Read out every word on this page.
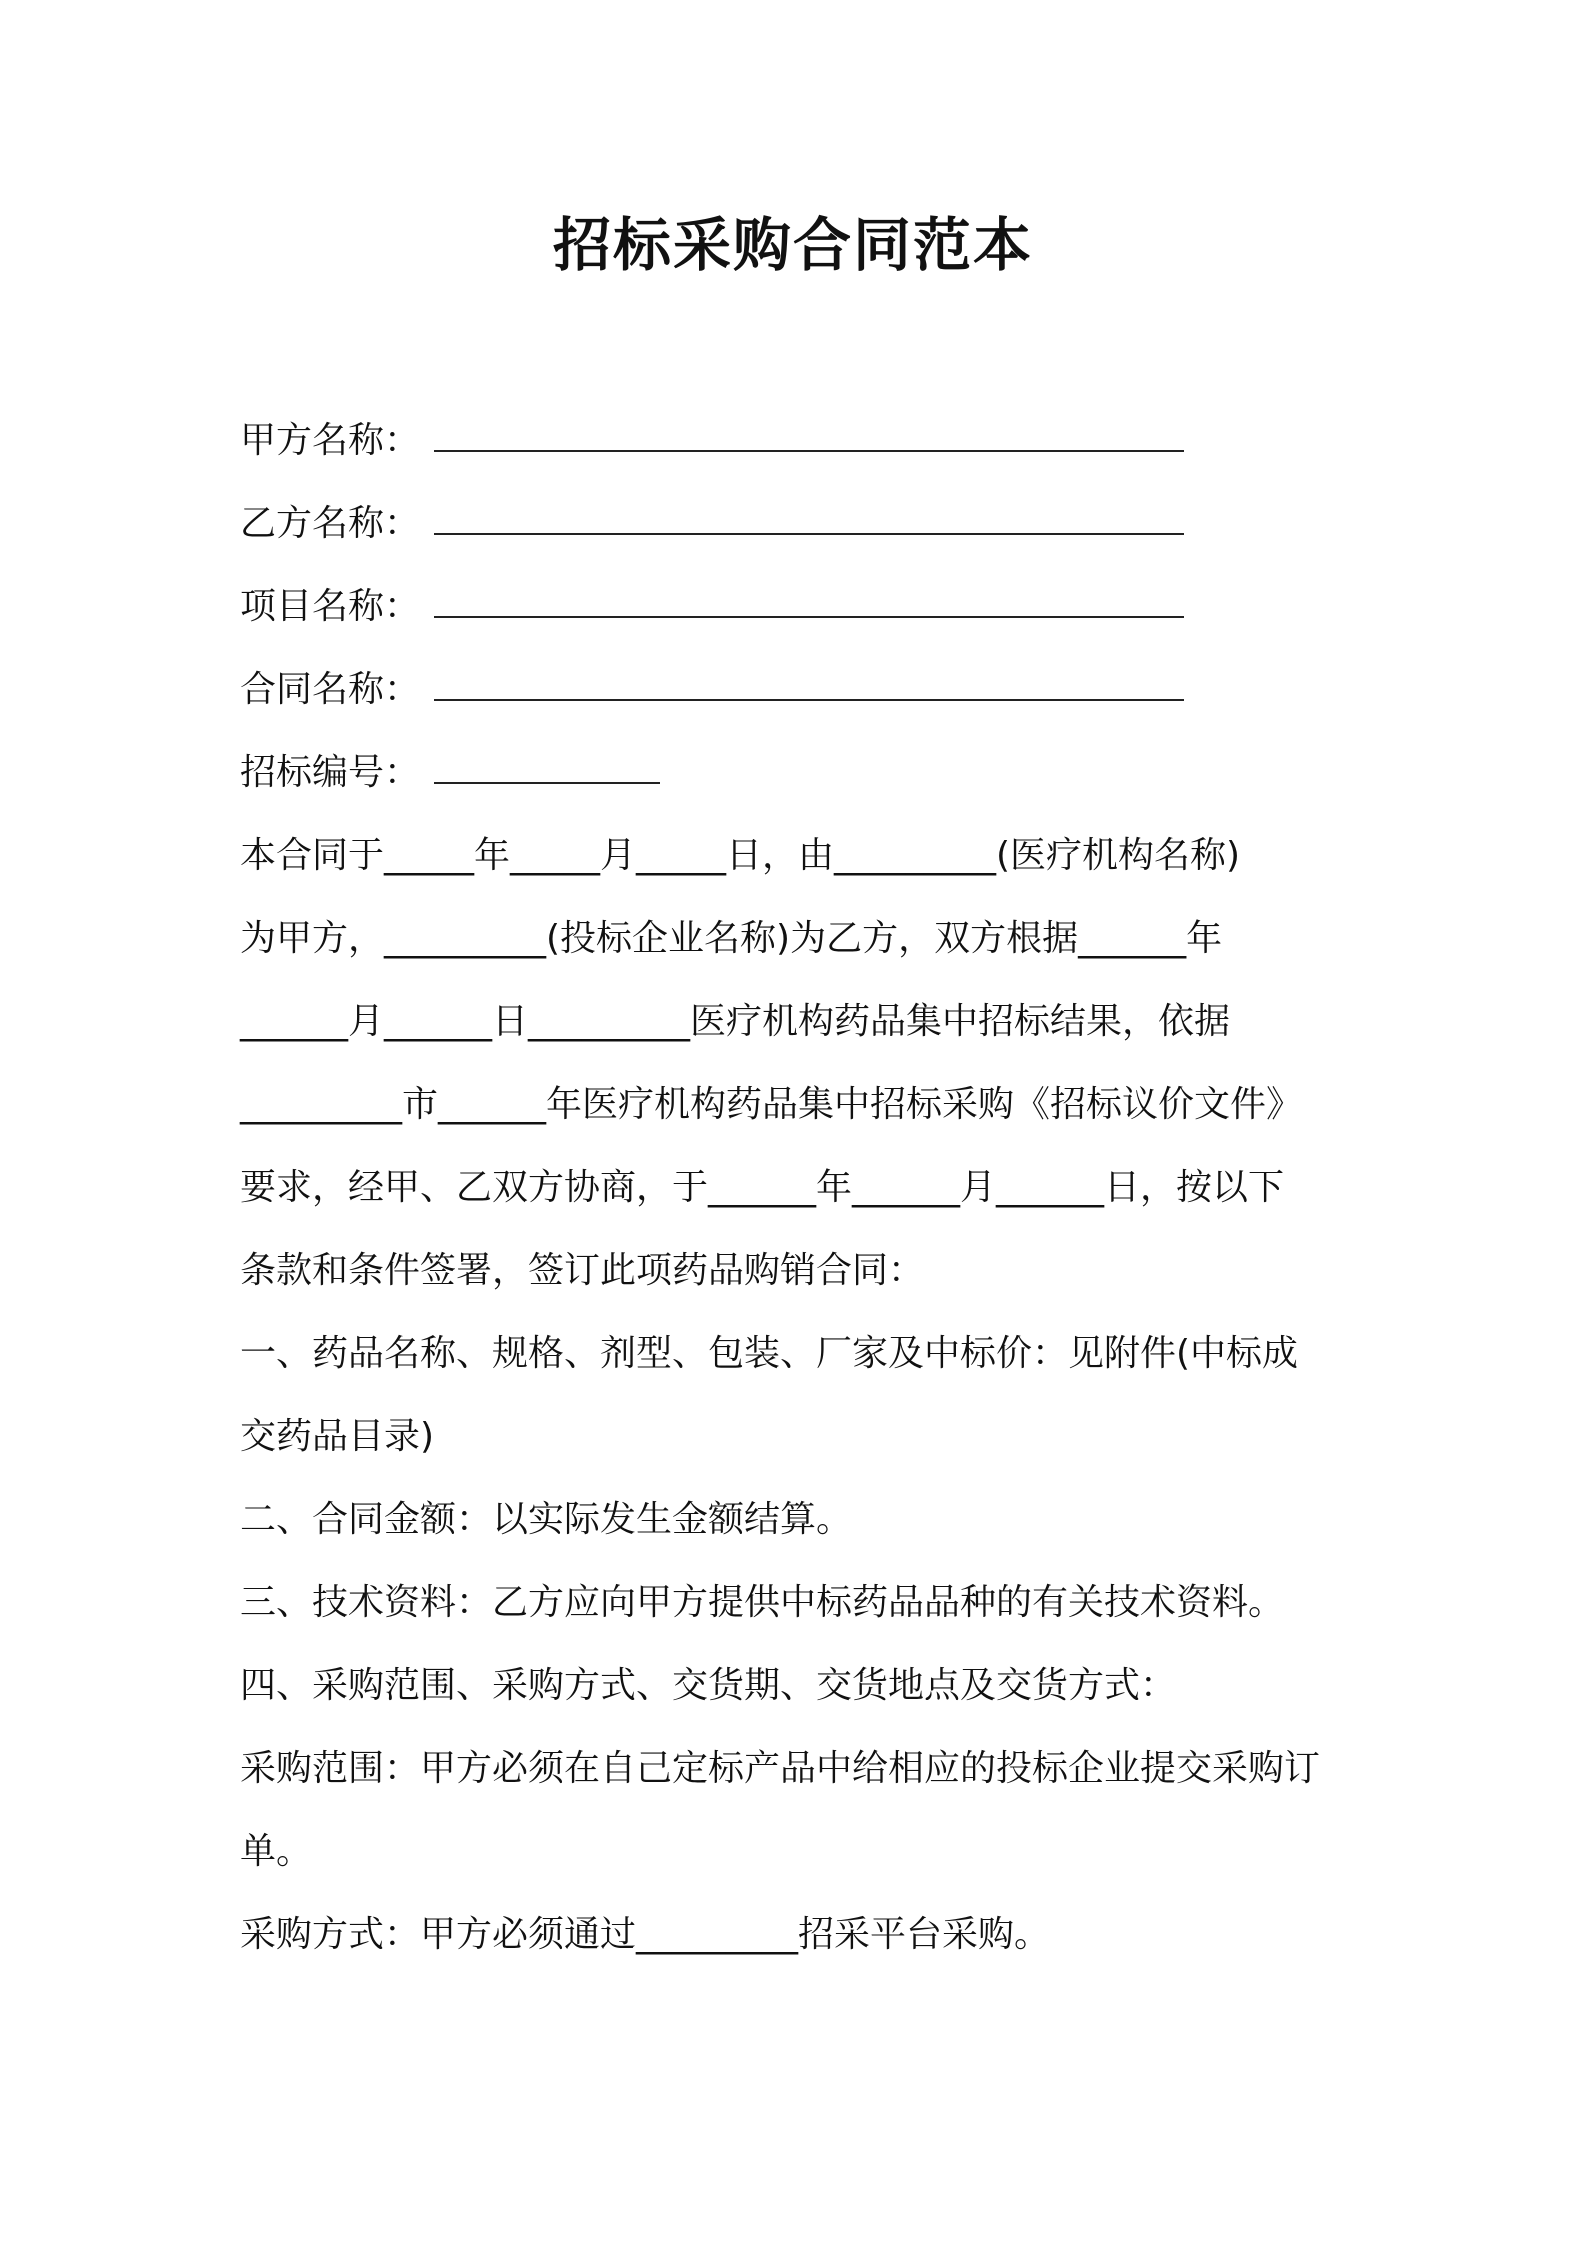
招标采购合同范本
甲方名称：
乙方名称：
项目名称：
合同名称：
招标编号：
本合同于_____年_____月_____日，由_________(医疗机构名称)
为甲方，_________(投标企业名称)为乙方，双方根据______年
______月______日_________医疗机构药品集中招标结果，依据
_________市______年医疗机构药品集中招标采购《招标议价文件》
要求，经甲、乙双方协商，于______年______月______日，按以下
条款和条件签署，签订此项药品购销合同：
一、药品名称、规格、剂型、包装、厂家及中标价：见附件(中标成
交药品目录)
二、合同金额：以实际发生金额结算。
三、技术资料：乙方应向甲方提供中标药品品种的有关技术资料。
四、采购范围、采购方式、交货期、交货地点及交货方式：
采购范围：甲方必须在自己定标产品中给相应的投标企业提交采购订
单。
采购方式：甲方必须通过_________招采平台采购。
